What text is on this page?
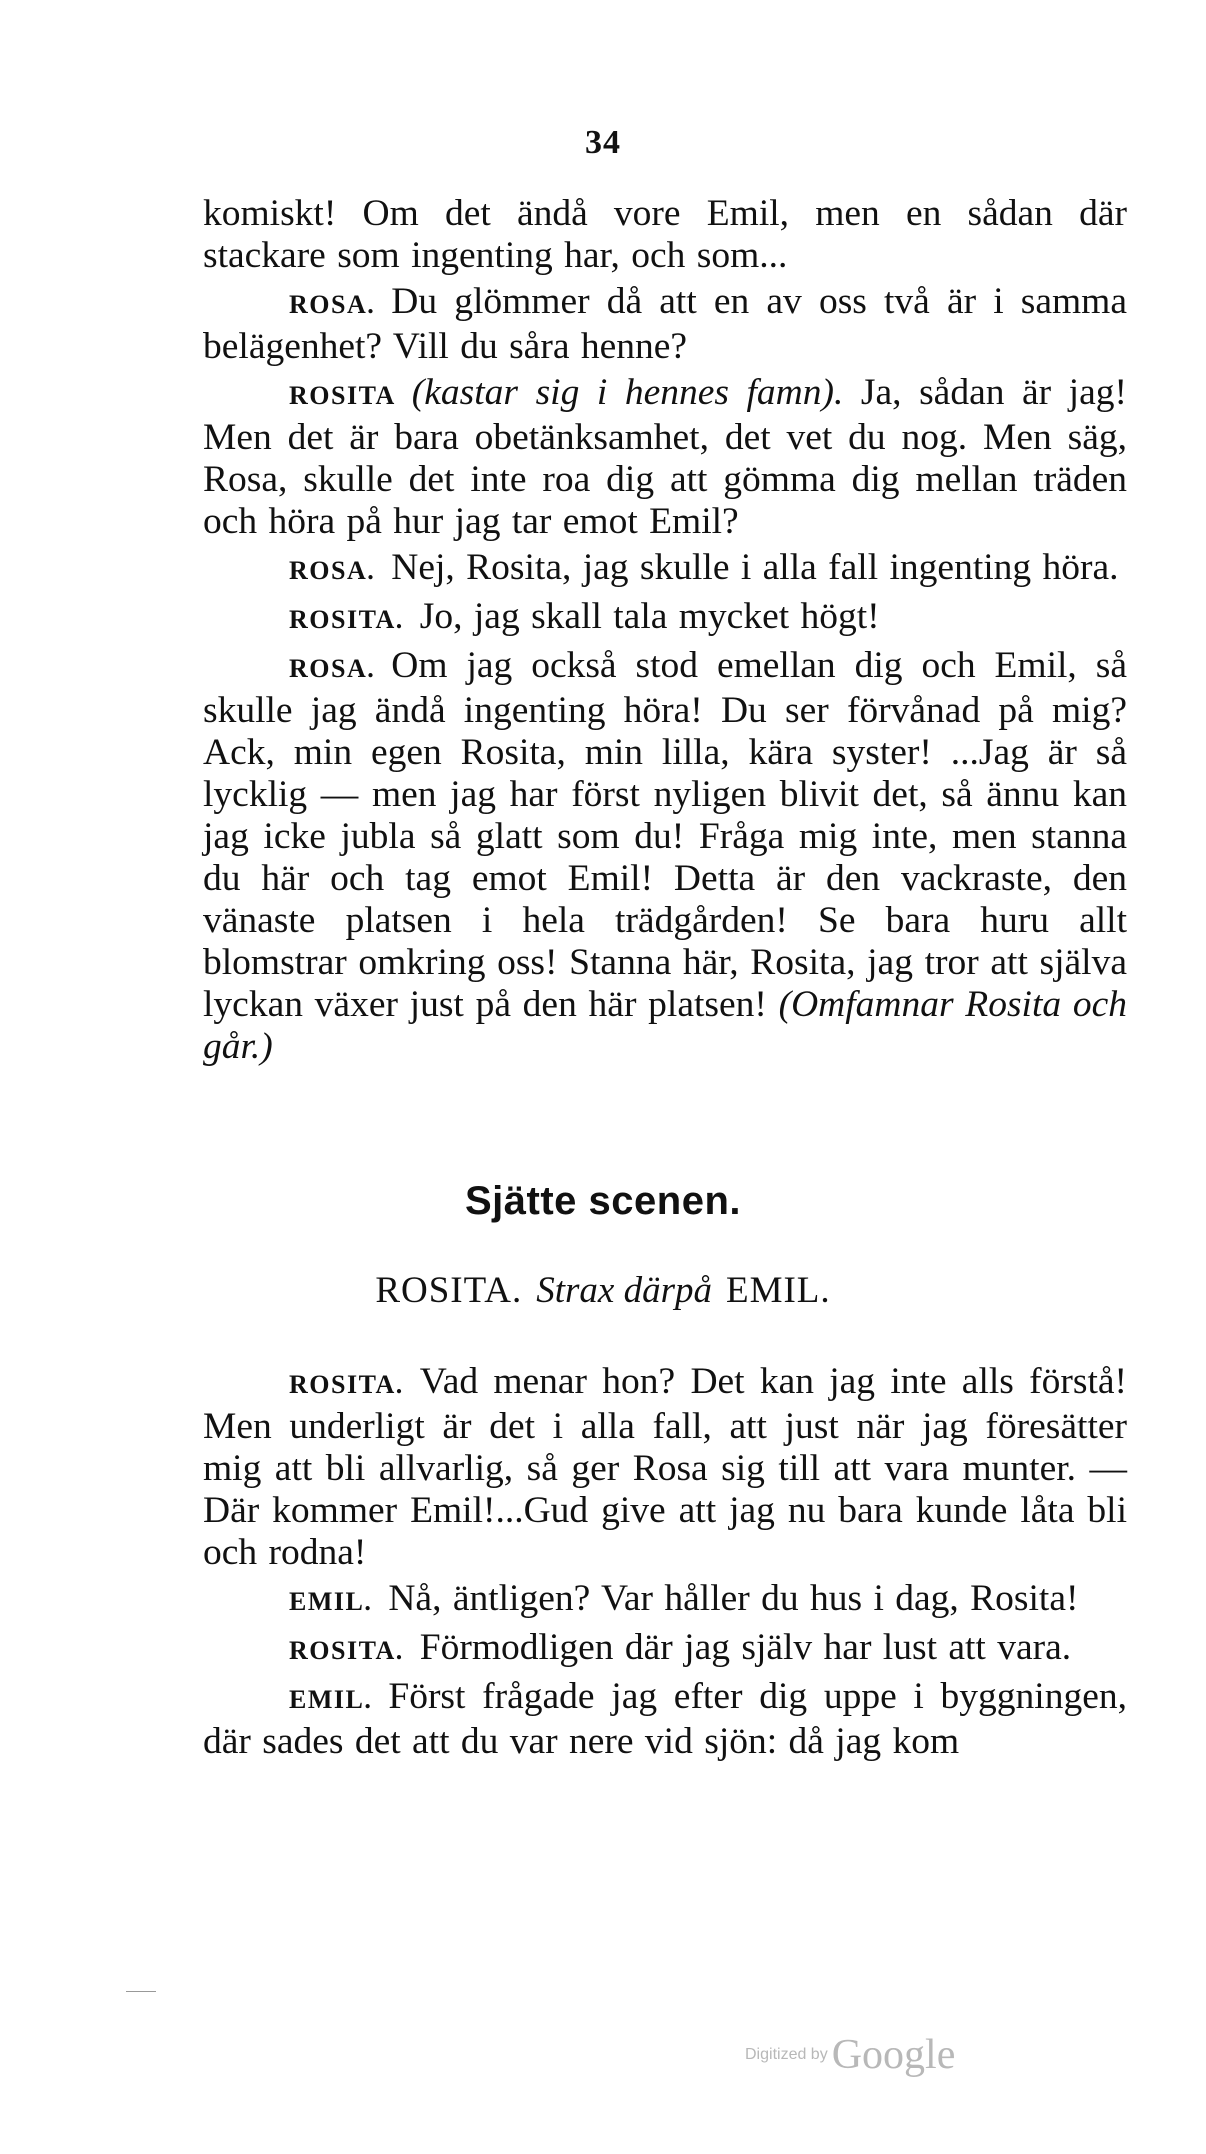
34

komiskt! Om det ändå vore Emil, men en sådan där stackare som ingenting har, och som...

ROSA. Du glömmer då att en av oss två är i samma belägenhet? Vill du såra henne?

ROSITA (kastar sig i hennes famn). Ja, sådan är jag! Men det är bara obetänksamhet, det vet du nog. Men säg, Rosa, skulle det inte roa dig att gömma dig mellan träden och höra på hur jag tar emot Emil?

ROSA. Nej, Rosita, jag skulle i alla fall ingenting höra.

ROSITA. Jo, jag skall tala mycket högt!

ROSA. Om jag också stod emellan dig och Emil, så skulle jag ändå ingenting höra! Du ser förvånad på mig? Ack, min egen Rosita, min lilla, kära syster! ...Jag är så lycklig — men jag har först nyligen blivit det, så ännu kan jag icke jubla så glatt som du! Fråga mig inte, men stanna du här och tag emot Emil! Detta är den vackraste, den vänaste platsen i hela trädgården! Se bara huru allt blomstrar omkring oss! Stanna här, Rosita, jag tror att själva lyckan växer just på den här platsen! (Omfamnar Rosita och går.)

Sjätte scenen.
ROSITA. Strax därpå EMIL.

ROSITA. Vad menar hon? Det kan jag inte alls förstå! Men underligt är det i alla fall, att just när jag föresätter mig att bli allvarlig, så ger Rosa sig till att vara munter. — Där kommer Emil!...Gud give att jag nu bara kunde låta bli och rodna!

EMIL. Nå, äntligen? Var håller du hus i dag, Rosita!

ROSITA. Förmodligen där jag själv har lust att vara.

EMIL. Först frågade jag efter dig uppe i byggningen, där sades det att du var nere vid sjön: då jag kom

Digitized byGoogle
